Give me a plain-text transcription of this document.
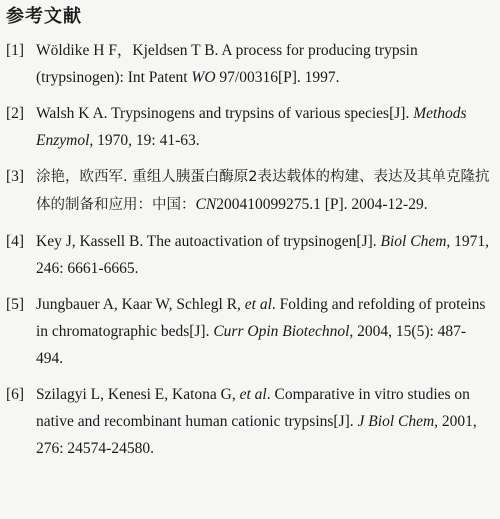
参考文献
[1] Wöldike H F，Kjeldsen T B. A process for producing trypsin (trypsinogen): Int Patent WO 97/00316[P]. 1997.
[2] Walsh K A. Trypsinogens and trypsins of various species[J]. Methods Enzymol, 1970, 19: 41-63.
[3] 涂艳，欧西军. 重组人胰蛋白酶原2表达载体的构建、表达及其单克隆抗体的制备和应用：中国：CN200410099275.1 [P]. 2004-12-29.
[4] Key J, Kassell B. The autoactivation of trypsinogen[J]. Biol Chem, 1971, 246: 6661-6665.
[5] Jungbauer A, Kaar W, Schlegl R, et al. Folding and refolding of proteins in chromatographic beds[J]. Curr Opin Biotechnol, 2004, 15(5): 487-494.
[6] Szilagyi L, Kenesi E, Katona G, et al. Comparative in vitro studies on native and recombinant human cationic trypsins[J]. J Biol Chem, 2001, 276: 24574-24580.
